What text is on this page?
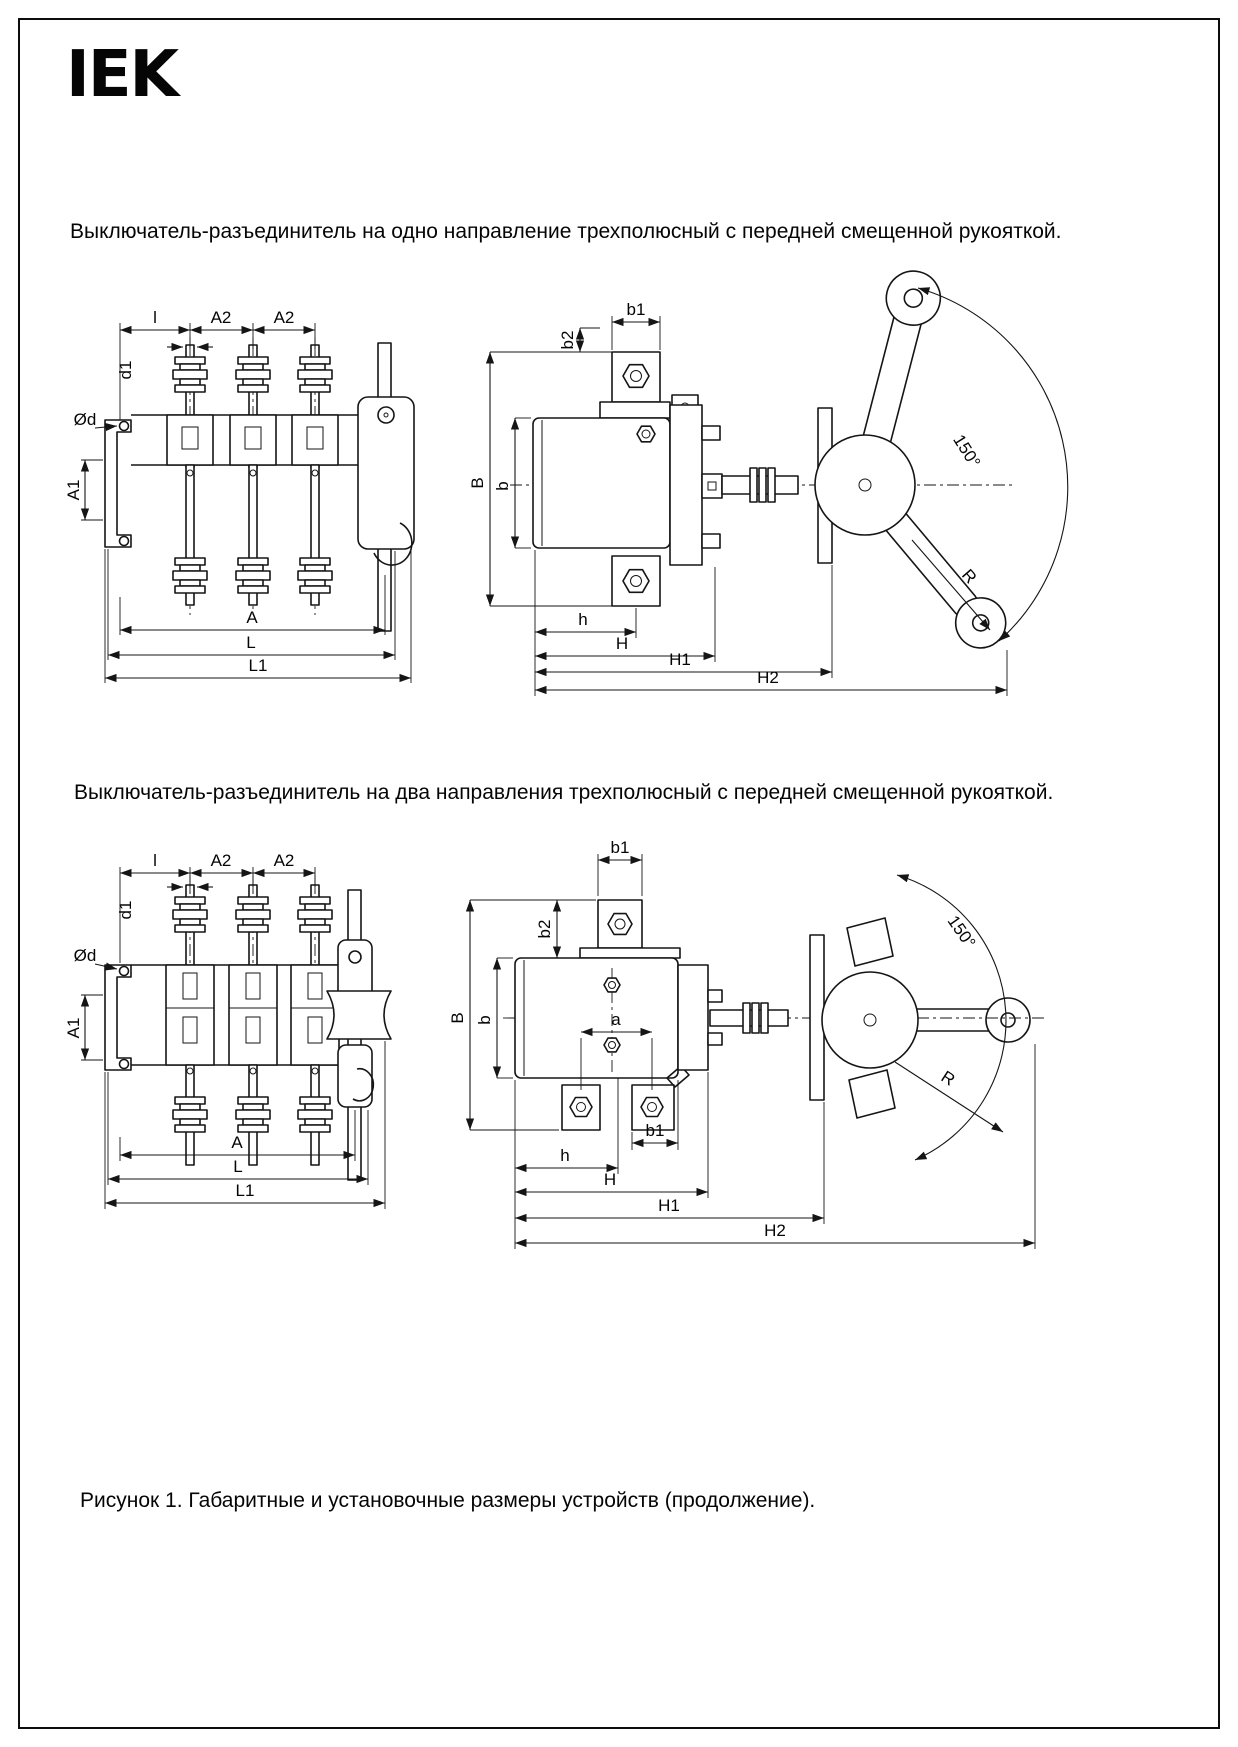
IEK
Выключатель-разъединитель на одно направление трехполюсный с передней смещенной рукояткой.
Выключатель-разъединитель на два направления трехполюсный с передней смещенной рукояткой.
Рисунок 1. Габаритные и установочные размеры устройств (продолжение).
l	A2 A2
d1
Ød
A1
A
L
L1
150°
R
b1
b2
B b
h
H
H1
H2
l	A2 A2
d1
Ød
A1
A
L
L1
150°
R
b1
b2
B b	a
b1
h
H
H1
H2
